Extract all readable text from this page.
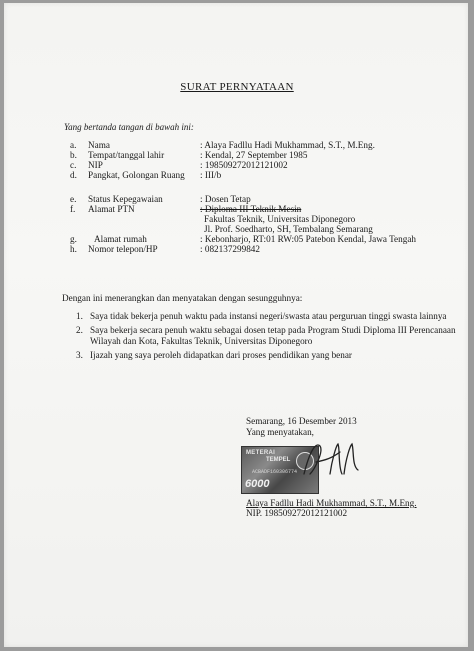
SURAT PERNYATAAN
Yang bertanda tangan di bawah ini:
a. Nama	: Alaya Fadllu Hadi Mukhammad, S.T., M.Eng.
b. Tempat/tanggal lahir	: Kendal, 27 September 1985
c. NIP	: 198509272012121002
d. Pangkat, Golongan Ruang : III/b
e. Status Kepegawaian	: Dosen Tetap
f. Alamat PTN	: Diploma III Teknik Mesin
Fakultas Teknik, Universitas Diponegoro
Jl. Prof. Soedharto, SH, Tembalang Semarang
g. Alamat rumah	: Kebonharjo, RT:01 RW:05 Patebon Kendal, Jawa Tengah
h. Nomor telepon/HP	: 082137299842
Dengan ini menerangkan dan menyatakan dengan sesungguhnya:
1. Saya tidak bekerja penuh waktu pada instansi negeri/swasta atau perguruan tinggi swasta lainnya
2. Saya bekerja secara penuh waktu sebagai dosen tetap pada Program Studi Diploma III Perencanaan Wilayah dan Kota, Fakultas Teknik, Universitas Diponegoro
3. Ijazah yang saya peroleh didapatkan dari proses pendidikan yang benar
Semarang, 16 Desember 2013
Yang menyatakan,
METERAI
TEMPEL
ACBADF160306774
6000
Alaya Fadllu Hadi Mukhammad, S.T., M.Eng.
NIP. 198509272012121002
